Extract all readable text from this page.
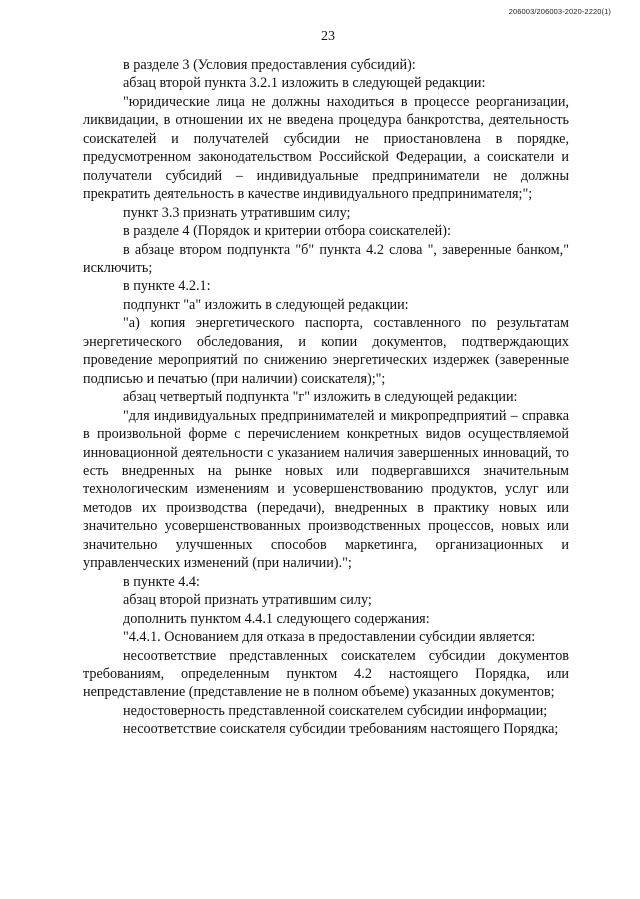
206003/206003-2020-2220(1)
23

в разделе 3 (Условия предоставления субсидий):

абзац второй пункта 3.2.1 изложить в следующей редакции:

"юридические лица не должны находиться в процессе реорганизации, ликвидации, в отношении их не введена процедура банкротства, деятельность соискателей и получателей субсидии не приостановлена в порядке, предусмотренном законодательством Российской Федерации, а соискатели и получатели субсидий – индивидуальные предприниматели не должны прекратить деятельность в качестве индивидуального предпринимателя;";

пункт 3.3 признать утратившим силу;

в разделе 4 (Порядок и критерии отбора соискателей):

в абзаце втором подпункта "б" пункта 4.2 слова ", заверенные банком," исключить;

в пункте 4.2.1:

подпункт "а" изложить в следующей редакции:

"а) копия энергетического паспорта, составленного по результатам энергетического обследования, и копии документов, подтверждающих проведение мероприятий по снижению энергетических издержек (заверенные подписью и печатью (при наличии) соискателя);";

абзац четвертый подпункта "г" изложить в следующей редакции:

"для индивидуальных предпринимателей и микропредприятий – справка в произвольной форме с перечислением конкретных видов осуществляемой инновационной деятельности с указанием наличия завершенных инноваций, то есть внедренных на рынке новых или подвергавшихся значительным технологическим изменениям и усовершенствованию продуктов, услуг или методов их производства (передачи), внедренных в практику новых или значительно усовершенствованных производственных процессов, новых или значительно улучшенных способов маркетинга, организационных и управленческих изменений (при наличии).";

в пункте 4.4:

абзац второй признать утратившим силу;

дополнить пунктом 4.4.1 следующего содержания:

"4.4.1. Основанием для отказа в предоставлении субсидии является:

несоответствие представленных соискателем субсидии документов требованиям, определенным пунктом 4.2 настоящего Порядка, или непредставление (представление не в полном объеме) указанных документов;

недостоверность представленной соискателем субсидии информации;

несоответствие соискателя субсидии требованиям настоящего Порядка;
